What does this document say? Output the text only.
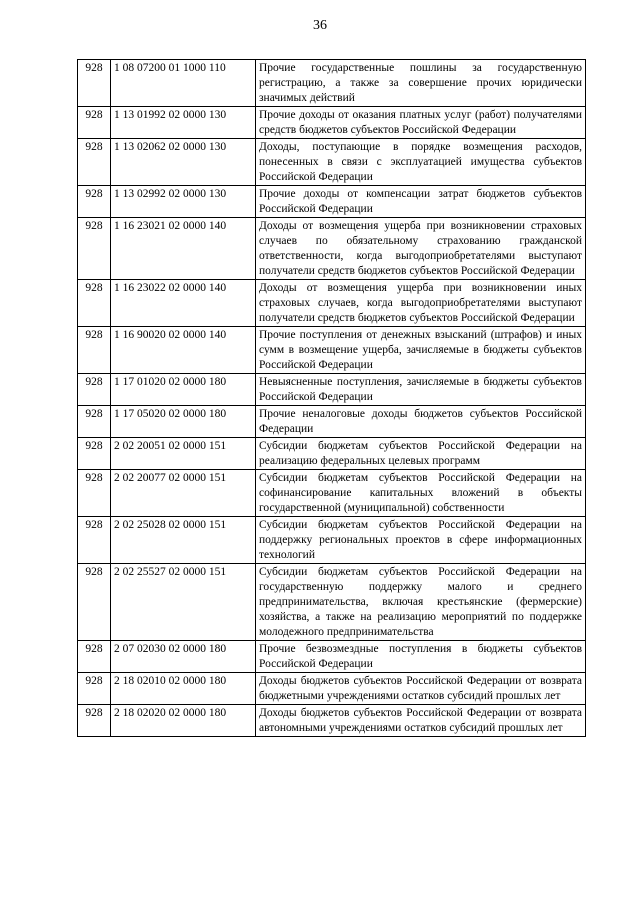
36
928	1 08 07200 01 1000 110	Прочие государственные пошлины за государственную регистрацию, а также за совершение прочих юридически значимых действий
928	1 13 01992 02 0000 130	Прочие доходы от оказания платных услуг (работ) получателями средств бюджетов субъектов Российской Федерации
928	1 13 02062 02 0000 130	Доходы, поступающие в порядке возмещения расходов, понесенных в связи с эксплуатацией имущества субъектов Российской Федерации
928	1 13 02992 02 0000 130	Прочие доходы от компенсации затрат бюджетов субъектов Российской Федерации
928	1 16 23021 02 0000 140	Доходы от возмещения ущерба при возникновении страховых случаев по обязательному страхованию гражданской ответственности, когда выгодоприобретателями выступают получатели средств бюджетов субъектов Российской Федерации
928	1 16 23022 02 0000 140	Доходы от возмещения ущерба при возникновении иных страховых случаев, когда выгодоприобретателями выступают получатели средств бюджетов субъектов Российской Федерации
928	1 16 90020 02 0000 140	Прочие поступления от денежных взысканий (штрафов) и иных сумм в возмещение ущерба, зачисляемые в бюджеты субъектов Российской Федерации
928	1 17 01020 02 0000 180	Невыясненные поступления, зачисляемые в бюджеты субъектов Российской Федерации
928	1 17 05020 02 0000 180	Прочие неналоговые доходы бюджетов субъектов Российской Федерации
928	2 02 20051 02 0000 151	Субсидии бюджетам субъектов Российской Федерации на реализацию федеральных целевых программ
928	2 02 20077 02 0000 151	Субсидии бюджетам субъектов Российской Федерации на софинансирование капитальных вложений в объекты государственной (муниципальной) собственности
928	2 02 25028 02 0000 151	Субсидии бюджетам субъектов Российской Федерации на поддержку региональных проектов в сфере информационных технологий
928	2 02 25527 02 0000 151	Субсидии бюджетам субъектов Российской Федерации на государственную поддержку малого и среднего предпринимательства, включая крестьянские (фермерские) хозяйства, а также на реализацию мероприятий по поддержке молодежного предпринимательства
928	2 07 02030 02 0000 180	Прочие безвозмездные поступления в бюджеты субъектов Российской Федерации
928	2 18 02010 02 0000 180	Доходы бюджетов субъектов Российской Федерации от возврата бюджетными учреждениями остатков субсидий прошлых лет
928	2 18 02020 02 0000 180	Доходы бюджетов субъектов Российской Федерации от возврата автономными учреждениями остатков субсидий прошлых лет
